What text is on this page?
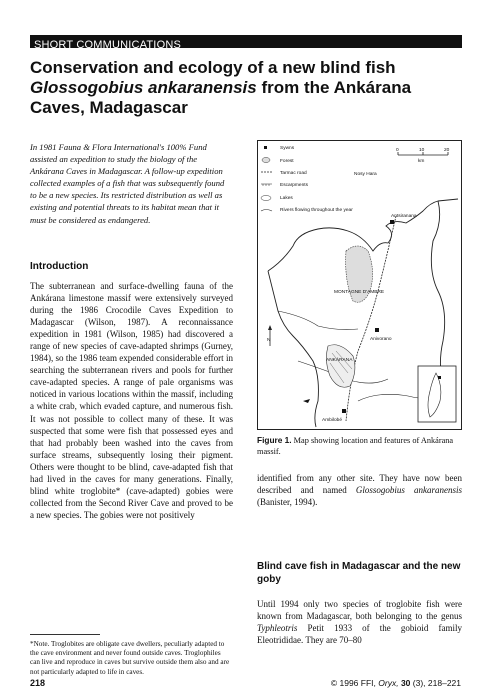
SHORT COMMUNICATIONS
Conservation and ecology of a new blind fish
Glossogobius ankaranensis from the Ankárana
Caves, Madagascar
In 1981 Fauna & Flora International's 100% Fund assisted an expedition to study the biology of the Ankárana Caves in Madagascar. A follow-up expedition collected examples of a fish that was subsequently found to be a new species. Its restricted distribution as well as existing and potential threats to its habitat mean that it must be considered as endangered.
Introduction
The subterranean and surface-dwelling fauna of the Ankárana limestone massif were extensively surveyed during the 1986 Crocodile Caves Expedition to Madagascar (Wilson, 1987). A reconnaissance expedition in 1981 (Wilson, 1985) had discovered a range of new species of cave-adapted shrimps (Gurney, 1984), so the 1986 team expended considerable effort in searching the subterranean rivers and pools for further cave-adapted species. A range of pale organisms was noticed in various locations within the massif, including a white crab, which evaded capture, and numerous fish. It was not possible to collect many of these. It was suspected that some were fish that possessed eyes and that had probably been washed into the caves from surface streams, subsequently losing their pigment. Others were thought to be blind, cave-adapted fish that had lived in the caves for many generations. Finally, blind white troglobite* (cave-adapted) gobies were collected from the Second River Cave and proved to be a new species. The gobies were not positively
*Note. Troglobites are obligate cave dwellers, peculiarly adapted to the cave environment and never found outside caves. Troglophiles can live and reproduce in caves but survive outside them also and are not particularly adapted to life in caves.
218
Sywns
Forest
Tarmac road
Escarpments
Lakes
Rivers flowing throughout the year
0	10	20
km
Nosy Hara
Antsiranana
MONTAGNE D'AMBRE
Anivorano
ANKÁRANA
Ambilobé
N
Figure 1. Map showing location and features of Ankárana massif.
identified from any other site. They have now been described and named Glossogobius ankaranensis (Banister, 1994).
Blind cave fish in Madagascar and the new goby
Until 1994 only two species of troglobite fish were known from Madagascar, both belonging to the genus Typhleotris Petit 1933 of the gobioid family Eleotrididae. They are 70–80
© 1996 FFI, Oryx, 30 (3), 218–221
